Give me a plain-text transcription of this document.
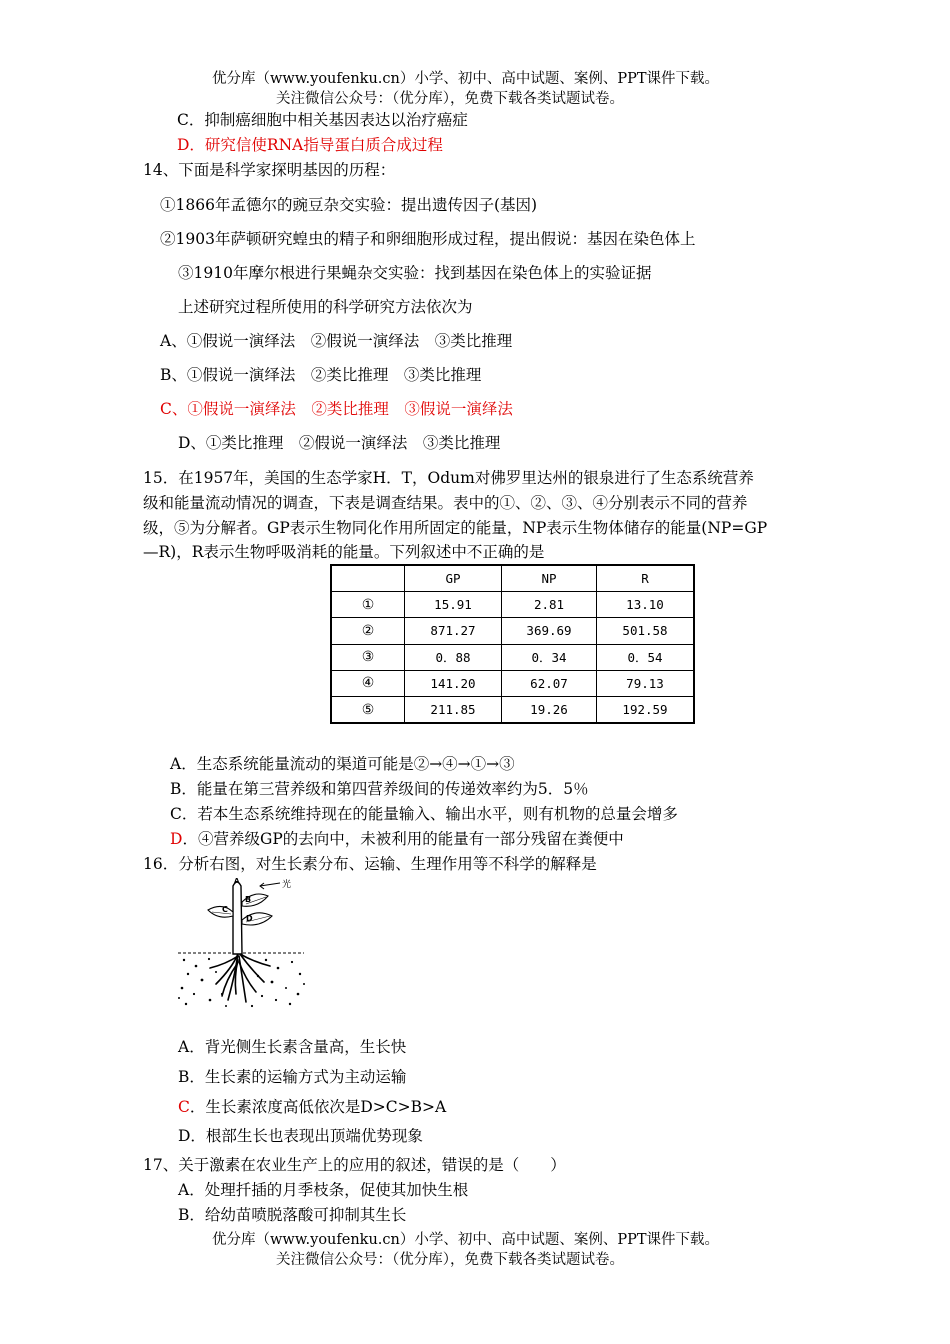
优分库（www.youfenku.cn）小学、初中、高中试题、案例、PPT课件下载。
关注微信公众号：（优分库），免费下载各类试题试卷。
C．抑制癌细胞中相关基因表达以治疗癌症
D．研究信使RNA指导蛋白质合成过程
14、下面是科学家探明基因的历程：
①1866年孟德尔的豌豆杂交实验：提出遗传因子(基因)
②1903年萨顿研究蝗虫的精子和卵细胞形成过程，提出假说：基因在染色体上
③1910年摩尔根进行果蝇杂交实验：找到基因在染色体上的实验证据
上述研究过程所使用的科学研究方法依次为
A、①假说一演绎法　②假说一演绎法　③类比推理
B、①假说一演绎法　②类比推理　③类比推理
C、①假说一演绎法　②类比推理　③假说一演绎法
D、①类比推理　②假说一演绎法　③类比推理
15．在1957年，美国的生态学家H．T，Odum对佛罗里达州的银泉进行了生态系统营养
级和能量流动情况的调查，下表是调查结果。表中的①、②、③、④分别表示不同的营养
级，⑤为分解者。GP表示生物同化作用所固定的能量，NP表示生物体储存的能量(NP=GP
—R)，R表示生物呼吸消耗的能量。下列叙述中不正确的是
	GP	NP	R
①	15.91	2.81	13.10
②	871.27	369.69	501.58
③	0．88	0．34	0．54
④	141.20	62.07	79.13
⑤	211.85	19.26	192.59
A．生态系统能量流动的渠道可能是②→④→①→③
B．能量在第三营养级和第四营养级间的传递效率约为5．5％
C．若本生态系统维持现在的能量输入、输出水平，则有机物的总量会增多
D．④营养级GP的去向中，未被利用的能量有一部分残留在粪便中
16．分析右图，对生长素分布、运输、生理作用等不科学的解释是
光
A
B
C
D
A．背光侧生长素含量高，生长快
B．生长素的运输方式为主动运输
C．生长素浓度高低依次是D>C>B>A
D．根部生长也表现出顶端优势现象
17、关于激素在农业生产上的应用的叙述，错误的是（　　）
A．处理扦插的月季枝条，促使其加快生根
B．给幼苗喷脱落酸可抑制其生长
优分库（www.youfenku.cn）小学、初中、高中试题、案例、PPT课件下载。
关注微信公众号：（优分库），免费下载各类试题试卷。
